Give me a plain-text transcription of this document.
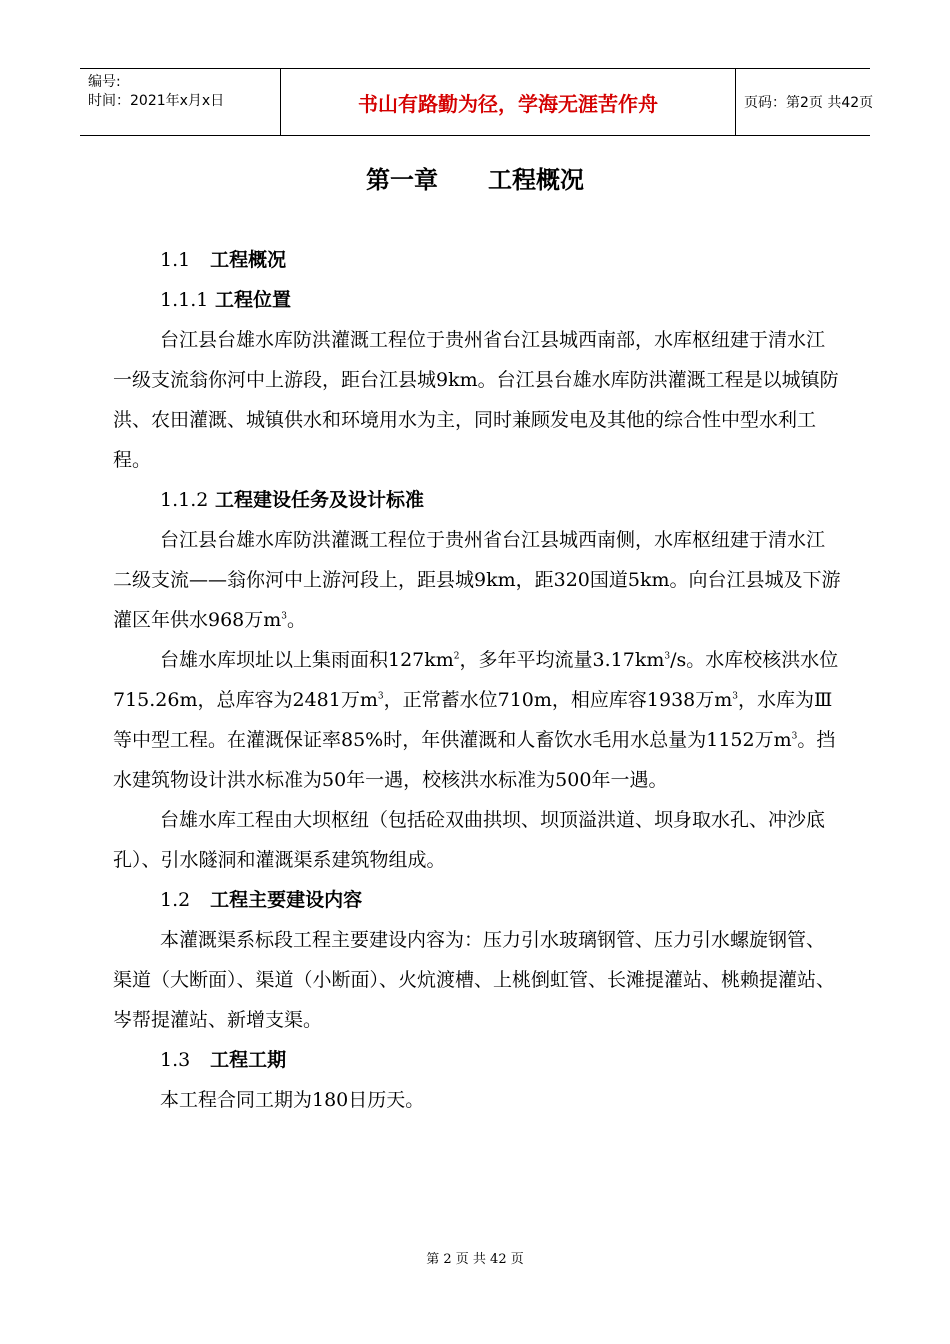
编号:
时间：2021年x月x日	书山有路勤为径，学海无涯苦作舟	页码：第2页 共42页
第一章 工程概况

1.1 工程概况

1.1.1 工程位置

台江县台雄水库防洪灌溉工程位于贵州省台江县城西南部，水库枢纽建于清水江一级支流翁你河中上游段，距台江县城9km。台江县台雄水库防洪灌溉工程是以城镇防洪、农田灌溉、城镇供水和环境用水为主，同时兼顾发电及其他的综合性中型水利工程。

1.1.2 工程建设任务及设计标准

台江县台雄水库防洪灌溉工程位于贵州省台江县城西南侧，水库枢纽建于清水江二级支流——翁你河中上游河段上，距县城9km，距320国道5km。向台江县城及下游灌区年供水968万$m^3$。

台雄水库坝址以上集雨面积$127km^2$，多年平均流量$3.17km^3/s$。水库校核洪水位715.26m，总库容为2481万$m^3$，正常蓄水位710m，相应库容1938万$m^3$，水库为Ⅲ等中型工程。在灌溉保证率85%时，年供灌溉和人畜饮水毛用水总量为1152万$m^3$。挡水建筑物设计洪水标准为50年一遇，校核洪水标准为500年一遇。

台雄水库工程由大坝枢纽（包括砼双曲拱坝、坝顶溢洪道、坝身取水孔、冲沙底孔）、引水隧洞和灌溉渠系建筑物组成。

1.2 工程主要建设内容

本灌溉渠系标段工程主要建设内容为：压力引水玻璃钢管、压力引水螺旋钢管、渠道（大断面）、渠道（小断面）、火炕渡槽、上桃倒虹管、长滩提灌站、桃赖提灌站、岑帮提灌站、新增支渠。

1.3 工程工期

本工程合同工期为180日历天。

第 2 页 共 42 页
